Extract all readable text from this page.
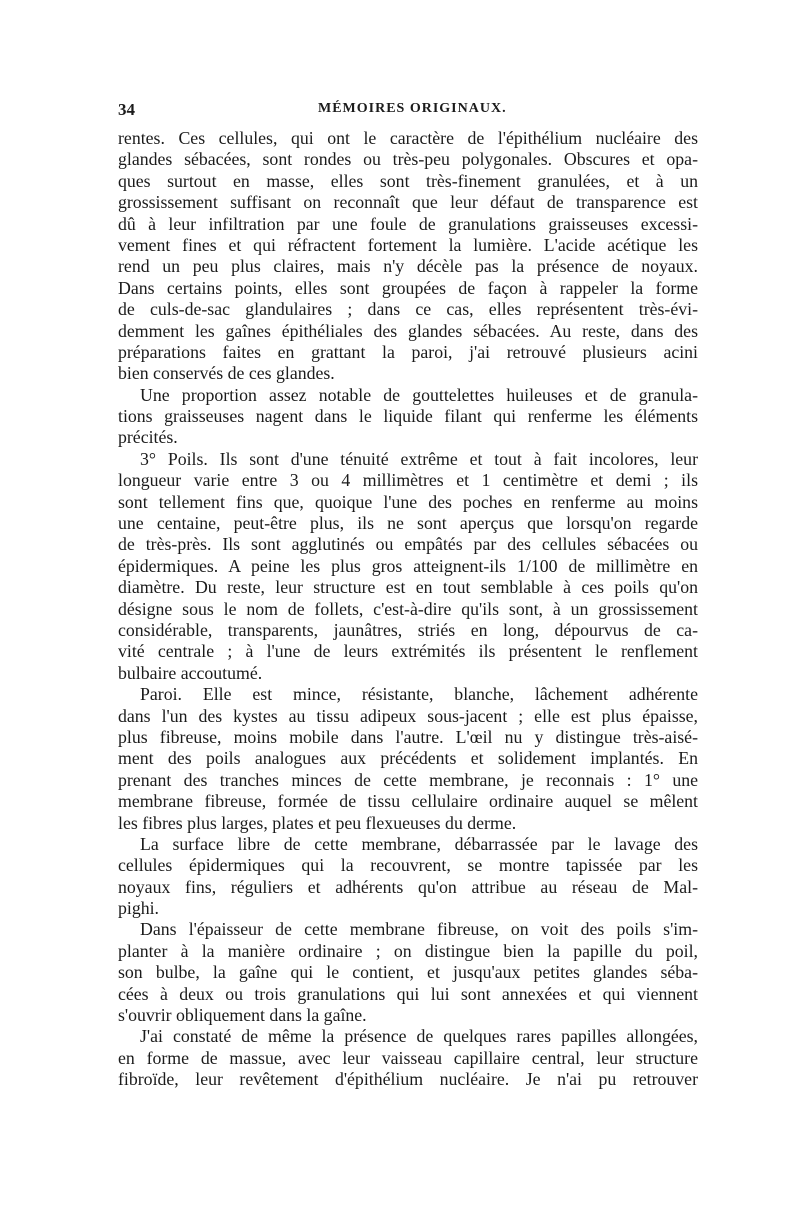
34	MÉMOIRES ORIGINAUX.
rentes. Ces cellules, qui ont le caractère de l'épithélium nucléaire des
glandes sébacées, sont rondes ou très-peu polygonales. Obscures et opa-
ques surtout en masse, elles sont très-finement granulées, et à un
grossissement suffisant on reconnaît que leur défaut de transparence est
dû à leur infiltration par une foule de granulations graisseuses excessi-
vement fines et qui réfractent fortement la lumière. L'acide acétique les
rend un peu plus claires, mais n'y décèle pas la présence de noyaux.
Dans certains points, elles sont groupées de façon à rappeler la forme
de culs-de-sac glandulaires ; dans ce cas, elles représentent très-évi-
demment les gaînes épithéliales des glandes sébacées. Au reste, dans des
préparations faites en grattant la paroi, j'ai retrouvé plusieurs acini
bien conservés de ces glandes.
Une proportion assez notable de gouttelettes huileuses et de granula-
tions graisseuses nagent dans le liquide filant qui renferme les éléments
précités.
3° Poils. Ils sont d'une ténuité extrême et tout à fait incolores, leur
longueur varie entre 3 ou 4 millimètres et 1 centimètre et demi ; ils
sont tellement fins que, quoique l'une des poches en renferme au moins
une centaine, peut-être plus, ils ne sont aperçus que lorsqu'on regarde
de très-près. Ils sont agglutinés ou empâtés par des cellules sébacées ou
épidermiques. A peine les plus gros atteignent-ils 1/100 de millimètre en
diamètre. Du reste, leur structure est en tout semblable à ces poils qu'on
désigne sous le nom de follets, c'est-à-dire qu'ils sont, à un grossissement
considérable, transparents, jaunâtres, striés en long, dépourvus de ca-
vité centrale ; à l'une de leurs extrémités ils présentent le renflement
bulbaire accoutumé.
Paroi. Elle est mince, résistante, blanche, lâchement adhérente
dans l'un des kystes au tissu adipeux sous-jacent ; elle est plus épaisse,
plus fibreuse, moins mobile dans l'autre. L'œil nu y distingue très-aisé-
ment des poils analogues aux précédents et solidement implantés. En
prenant des tranches minces de cette membrane, je reconnais : 1° une
membrane fibreuse, formée de tissu cellulaire ordinaire auquel se mêlent
les fibres plus larges, plates et peu flexueuses du derme.
La surface libre de cette membrane, débarrassée par le lavage des
cellules épidermiques qui la recouvrent, se montre tapissée par les
noyaux fins, réguliers et adhérents qu'on attribue au réseau de Mal-
pighi.
Dans l'épaisseur de cette membrane fibreuse, on voit des poils s'im-
planter à la manière ordinaire ; on distingue bien la papille du poil,
son bulbe, la gaîne qui le contient, et jusqu'aux petites glandes séba-
cées à deux ou trois granulations qui lui sont annexées et qui viennent
s'ouvrir obliquement dans la gaîne.
J'ai constaté de même la présence de quelques rares papilles allongées,
en forme de massue, avec leur vaisseau capillaire central, leur structure
fibroïde, leur revêtement d'épithélium nucléaire. Je n'ai pu retrouver
